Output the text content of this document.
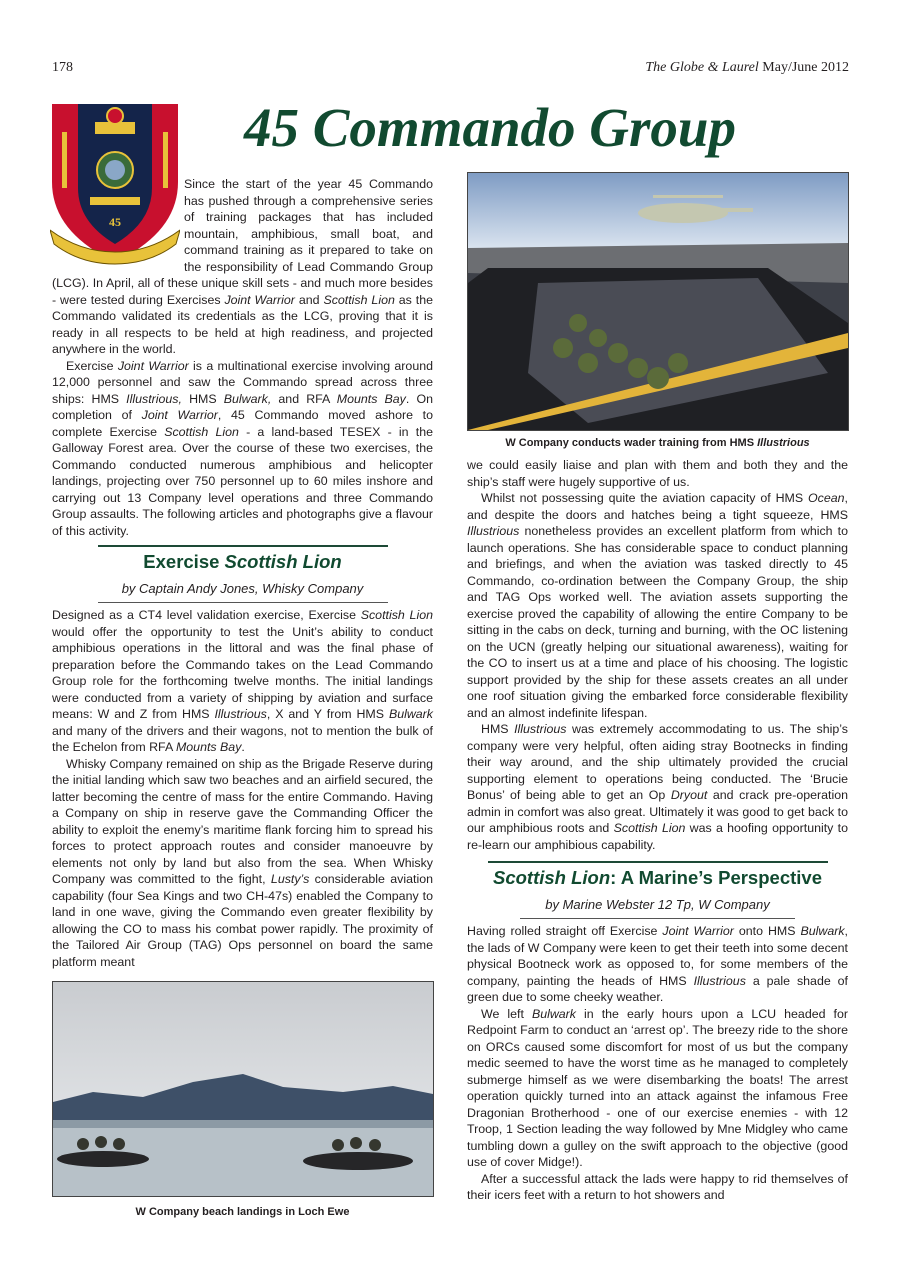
178	The Globe & Laurel May/June 2012
45 Commando Group
45

Since the start of the year 45 Commando has pushed through a comprehensive series of training packages that has included mountain, amphibious, small boat, and command training as it prepared to take on the responsibility of Lead Commando Group (LCG). In April, all of these unique skill sets - and much more besides - were tested during Exercises Joint Warrior and Scottish Lion as the Commando validated its credentials as the LCG, proving that it is ready in all respects to be held at high readiness, and projected anywhere in the world.

Exercise Joint Warrior is a multinational exercise involving around 12,000 personnel and saw the Commando spread across three ships: HMS Illustrious, HMS Bulwark, and RFA Mounts Bay. On completion of Joint Warrior, 45 Commando moved ashore to complete Exercise Scottish Lion - a land-based TESEX - in the Galloway Forest area. Over the course of these two exercises, the Commando conducted numerous amphibious and helicopter landings, projecting over 750 personnel up to 60 miles inshore and carrying out 13 Company level operations and three Commando Group assaults. The following articles and photographs give a flavour of this activity.

Exercise Scottish Lion
by Captain Andy Jones, Whisky Company

Designed as a CT4 level validation exercise, Exercise Scottish Lion would offer the opportunity to test the Unit’s ability to conduct amphibious operations in the littoral and was the final phase of preparation before the Commando takes on the Lead Commando Group role for the forthcoming twelve months. The initial landings were conducted from a variety of shipping by aviation and surface means: W and Z from HMS Illustrious, X and Y from HMS Bulwark and many of the drivers and their wagons, not to mention the bulk of the Echelon from RFA Mounts Bay.

Whisky Company remained on ship as the Brigade Reserve during the initial landing which saw two beaches and an airfield secured, the latter becoming the centre of mass for the entire Commando. Having a Company on ship in reserve gave the Commanding Officer the ability to exploit the enemy’s maritime flank forcing him to spread his forces to protect approach routes and consider manoeuvre by elements not only by land but also from the sea. When Whisky Company was committed to the fight, Lusty’s considerable aviation capability (four Sea Kings and two CH-47s) enabled the Company to land in one wave, giving the Commando even greater flexibility by allowing the CO to mass his combat power rapidly. The proximity of the Tailored Air Group (TAG) Ops personnel on board the same platform meant

W Company conducts wader training from HMS Illustrious
W Company beach landings in Loch Ewe

we could easily liaise and plan with them and both they and the ship’s staff were hugely supportive of us.

Whilst not possessing quite the aviation capacity of HMS Ocean, and despite the doors and hatches being a tight squeeze, HMS Illustrious nonetheless provides an excellent platform from which to launch operations. She has considerable space to conduct planning and briefings, and when the aviation was tasked directly to 45 Commando, co-ordination between the Company Group, the ship and TAG Ops worked well. The aviation assets supporting the exercise proved the capability of allowing the entire Company to be sitting in the cabs on deck, turning and burning, with the OC listening on the UCN (greatly helping our situational awareness), waiting for the CO to insert us at a time and place of his choosing. The logistic support provided by the ship for these assets creates an all under one roof situation giving the embarked force considerable flexibility and an almost indefinite lifespan.

HMS Illustrious was extremely accommodating to us. The ship’s company were very helpful, often aiding stray Bootnecks in finding their way around, and the ship ultimately provided the crucial supporting element to operations being conducted. The ‘Brucie Bonus’ of being able to get an Op Dryout and crack pre-operation admin in comfort was also great. Ultimately it was good to get back to our amphibious roots and Scottish Lion was a hoofing opportunity to re-learn our amphibious capability.

Scottish Lion: A Marine’s Perspective
by Marine Webster 12 Tp, W Company

Having rolled straight off Exercise Joint Warrior onto HMS Bulwark, the lads of W Company were keen to get their teeth into some decent physical Bootneck work as opposed to, for some members of the company, painting the heads of HMS Illustrious a pale shade of green due to some cheeky weather.

We left Bulwark in the early hours upon a LCU headed for Redpoint Farm to conduct an ‘arrest op’. The breezy ride to the shore on ORCs caused some discomfort for most of us but the company medic seemed to have the worst time as he managed to completely submerge himself as we were disembarking the boats! The arrest operation quickly turned into an attack against the infamous Free Dragonian Brotherhood - one of our exercise enemies - with 12 Troop, 1 Section leading the way followed by Mne Midgley who came tumbling down a gulley on the swift approach to the objective (good use of cover Midge!).

After a successful attack the lads were happy to rid themselves of their icers feet with a return to hot showers and
